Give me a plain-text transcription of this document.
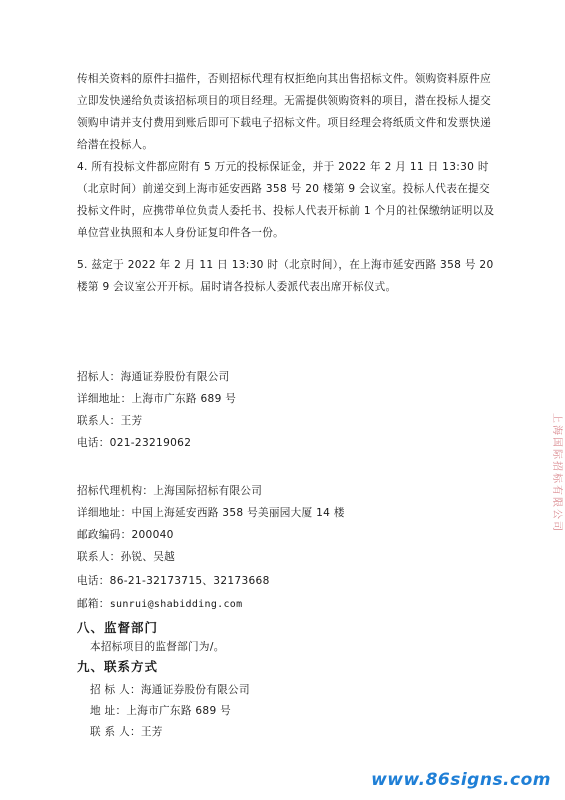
传相关资料的原件扫描件，否则招标代理有权拒绝向其出售招标文件。领购资料原件应立即发快递给负责该招标项目的项目经理。无需提供领购资料的项目，潜在投标人提交领购申请并支付费用到账后即可下载电子招标文件。项目经理会将纸质文件和发票快递给潜在投标人。
4. 所有投标文件都应附有 5 万元的投标保证金，并于 2022 年 2 月 11 日 13:30 时（北京时间）前递交到上海市延安西路 358 号 20 楼第 9 会议室。投标人代表在提交投标文件时，应携带单位负责人委托书、投标人代表开标前 1 个月的社保缴纳证明以及单位营业执照和本人身份证复印件各一份。
5. 兹定于 2022 年 2 月 11 日 13:30 时（北京时间），在上海市延安西路 358 号 20 楼第 9 会议室公开开标。届时请各投标人委派代表出席开标仪式。
招标人：海通证券股份有限公司
详细地址：上海市广东路 689 号
联系人：王芳
电话：021-23219062
招标代理机构：上海国际招标有限公司
详细地址：中国上海延安西路 358 号美丽园大厦 14 楼
邮政编码：200040
联系人：孙锐、吴越
电话：86-21-32173715、32173668
邮箱：sunrui@shabidding.com
八、监督部门
本招标项目的监督部门为/。
九、联系方式
招 标 人：海通证券股份有限公司
地 址：上海市广东路 689 号
联 系 人：王芳
上海国际招标有限公司
www.86signs.com
